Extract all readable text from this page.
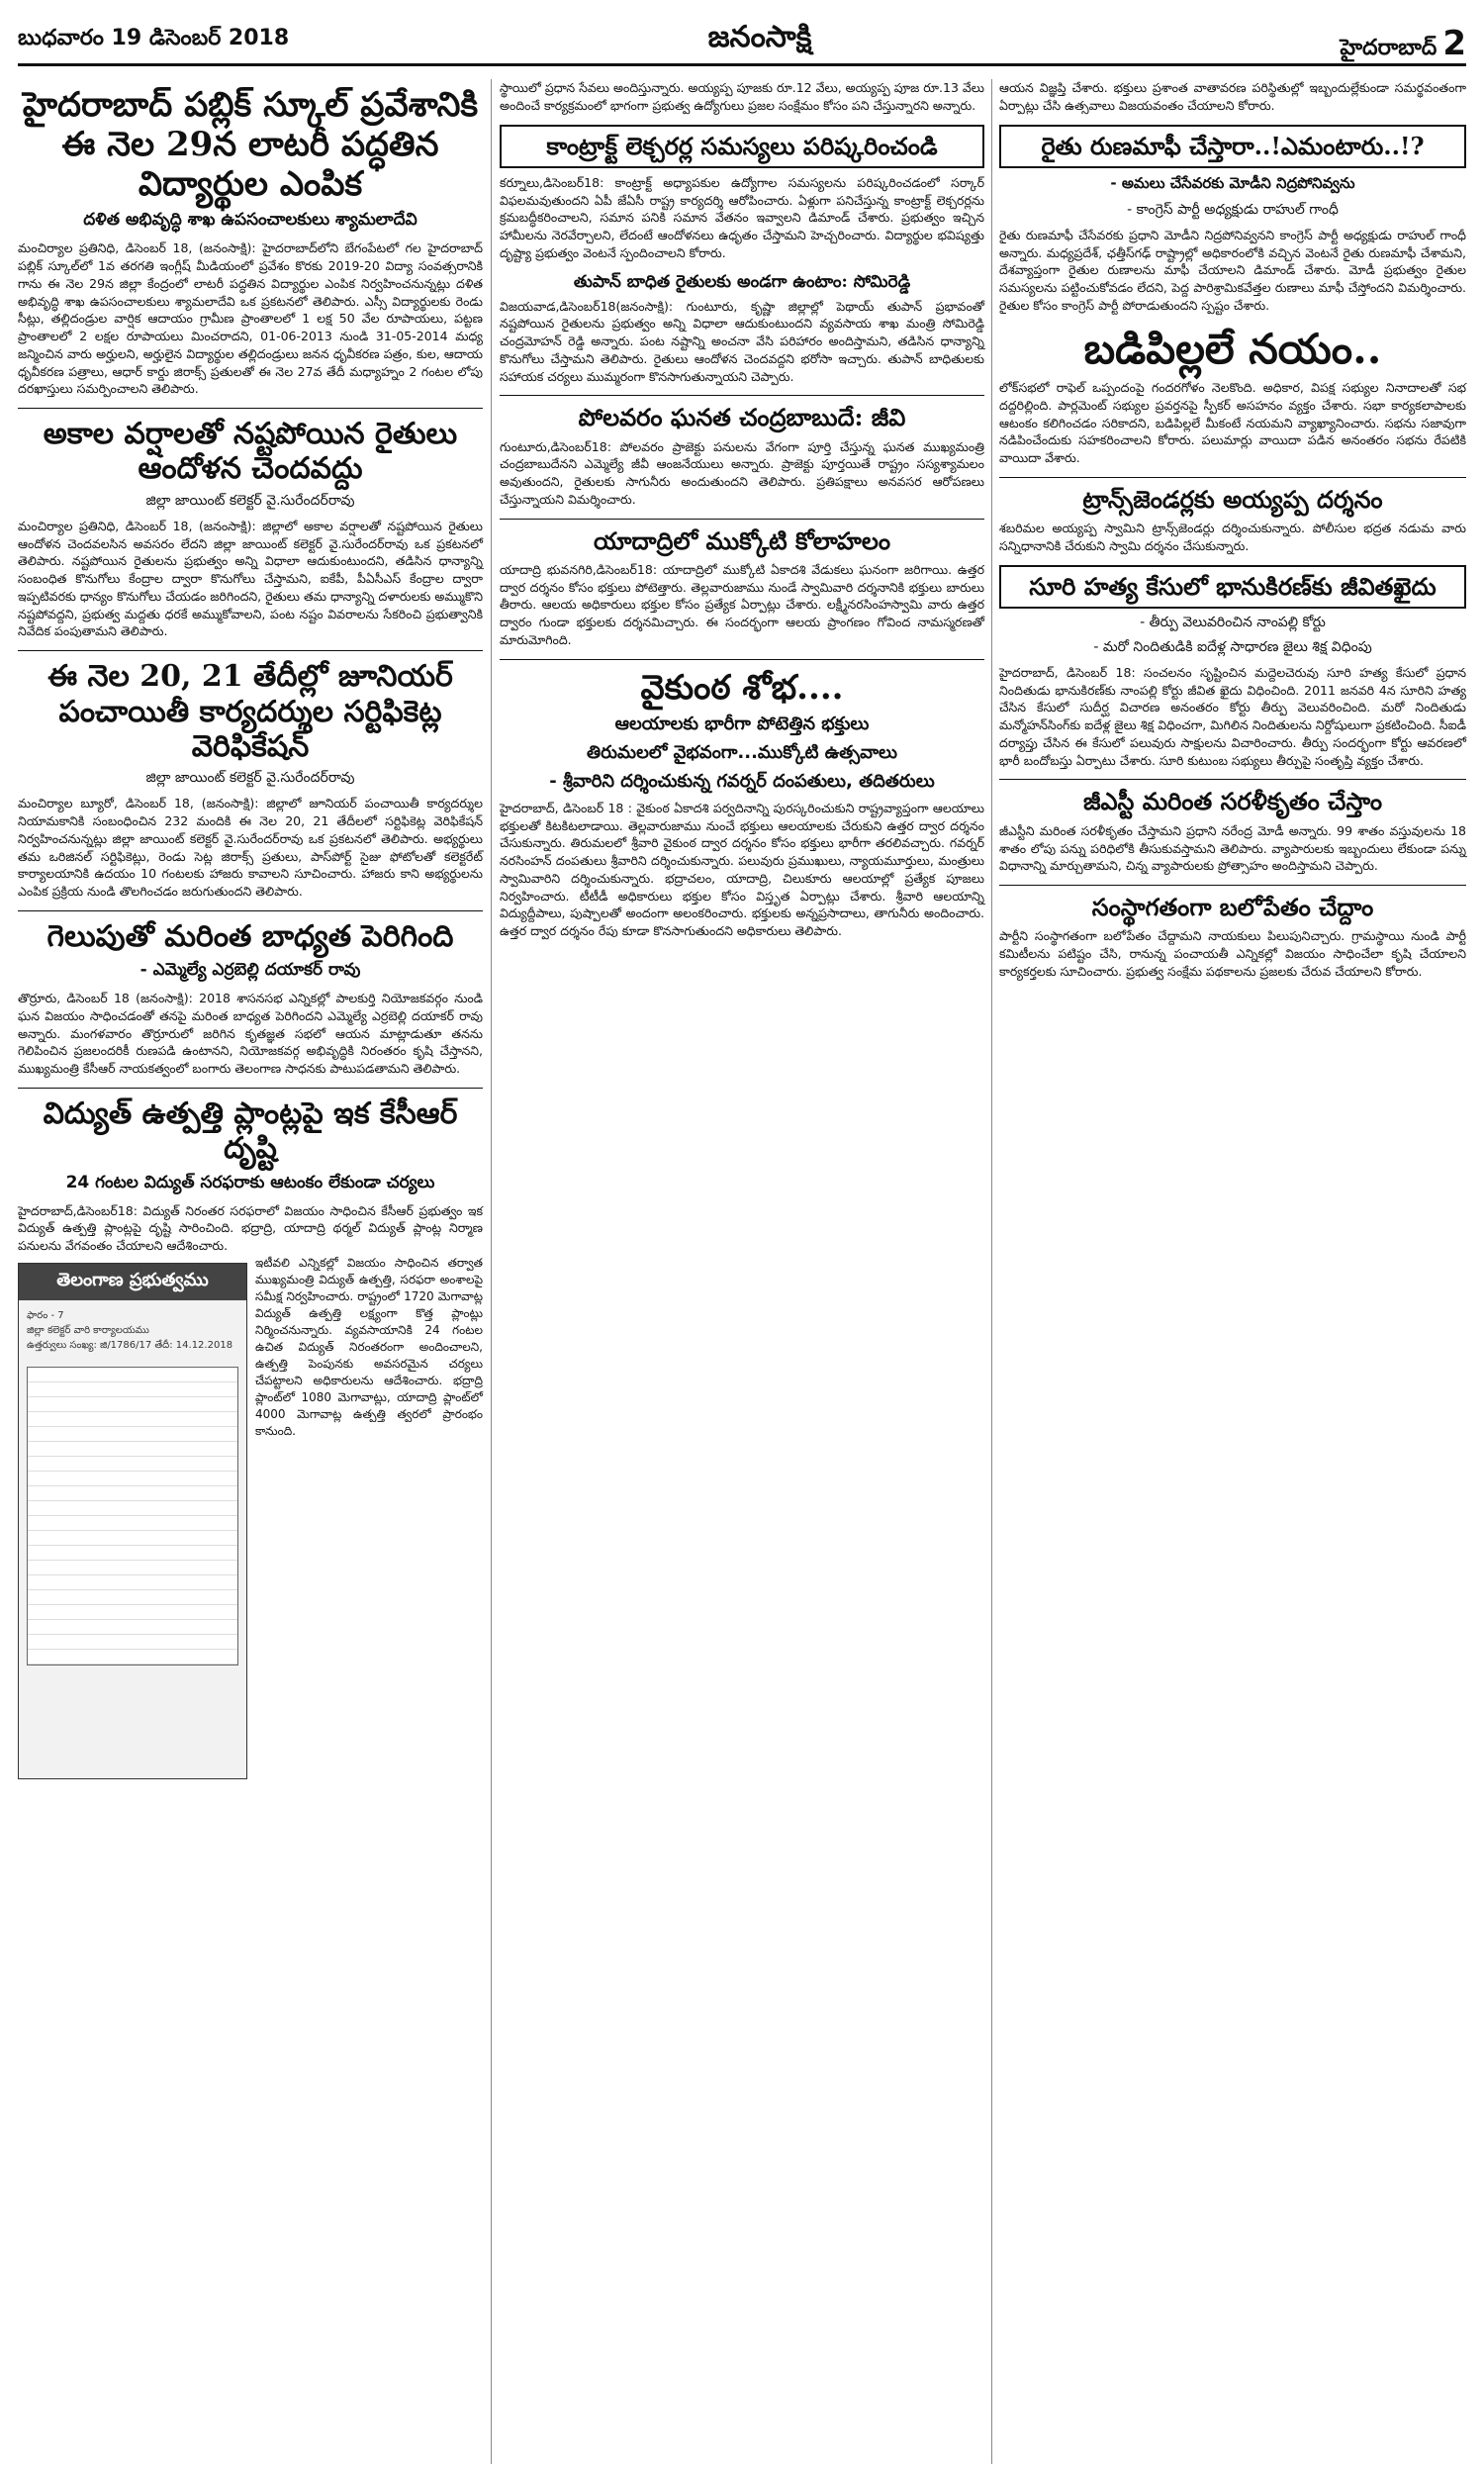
బుధవారం 19 డిసెంబర్ 2018	జనంసాక్షి	హైదరాబాద్ 2
హైదరాబాద్ పబ్లిక్ స్కూల్ ప్రవేశానికి ఈ నెల 29న లాటరీ పద్ధతిన విద్యార్థుల ఎంపిక
దళిత అభివృద్ధి శాఖ ఉపసంచాలకులు శ్యామలాదేవి

మంచిర్యాల ప్రతినిధి, డిసెంబర్ 18, (జనంసాక్షి): హైదరాబాద్‌లోని బేగంపేటలో గల హైదరాబాద్ పబ్లిక్ స్కూల్‌లో 1వ తరగతి ఇంగ్లీష్ మీడియంలో ప్రవేశం కొరకు 2019-20 విద్యా సంవత్సరానికి గాను ఈ నెల 29న జిల్లా కేంద్రంలో లాటరీ పద్ధతిన విద్యార్థుల ఎంపిక నిర్వహించనున్నట్లు దళిత అభివృద్ధి శాఖ ఉపసంచాలకులు శ్యామలాదేవి ఒక ప్రకటనలో తెలిపారు. ఎస్సీ విద్యార్థులకు రెండు సీట్లు, తల్లిదండ్రుల వార్షిక ఆదాయం గ్రామీణ ప్రాంతాలలో 1 లక్ష 50 వేల రూపాయలు, పట్టణ ప్రాంతాలలో 2 లక్షల రూపాయలు మించరాదని, 01-06-2013 నుండి 31-05-2014 మధ్య జన్మించిన వారు అర్హులని, అర్హులైన విద్యార్థుల తల్లిదండ్రులు జనన ధృవీకరణ పత్రం, కుల, ఆదాయ ధృవీకరణ పత్రాలు, ఆధార్ కార్డు జిరాక్స్ ప్రతులతో ఈ నెల 27వ తేదీ మధ్యాహ్నం 2 గంటల లోపు దరఖాస్తులు సమర్పించాలని తెలిపారు.

అకాల వర్షాలతో నష్టపోయిన రైతులు ఆందోళన చెందవద్దు
జిల్లా జాయింట్ కలెక్టర్ వై.సురేందర్‌రావు

మంచిర్యాల ప్రతినిధి, డిసెంబర్ 18, (జనంసాక్షి): జిల్లాలో అకాల వర్షాలతో నష్టపోయిన రైతులు ఆందోళన చెందవలసిన అవసరం లేదని జిల్లా జాయింట్ కలెక్టర్ వై.సురేందర్‌రావు ఒక ప్రకటనలో తెలిపారు. నష్టపోయిన రైతులను ప్రభుత్వం అన్ని విధాలా ఆదుకుంటుందని, తడిసిన ధాన్యాన్ని సంబంధిత కొనుగోలు కేంద్రాల ద్వారా కొనుగోలు చేస్తామని, ఐకేపీ, పీఏసీఎస్ కేంద్రాల ద్వారా ఇప్పటివరకు ధాన్యం కొనుగోలు చేయడం జరిగిందని, రైతులు తమ ధాన్యాన్ని దళారులకు అమ్ముకొని నష్టపోవద్దని, ప్రభుత్వ మద్దతు ధరకే అమ్ముకోవాలని, పంట నష్టం వివరాలను సేకరించి ప్రభుత్వానికి నివేదిక పంపుతామని తెలిపారు.

ఈ నెల 20, 21 తేదీల్లో జూనియర్ పంచాయితీ కార్యదర్శుల సర్టిఫికెట్ల వెరిఫికేషన్
జిల్లా జాయింట్ కలెక్టర్ వై.సురేందర్‌రావు

మంచిర్యాల బ్యూరో, డిసెంబర్ 18, (జనంసాక్షి): జిల్లాలో జూనియర్ పంచాయితీ కార్యదర్శుల నియామకానికి సంబంధించిన 232 మందికి ఈ నెల 20, 21 తేదీలలో సర్టిఫికెట్ల వెరిఫికేషన్ నిర్వహించనున్నట్లు జిల్లా జాయింట్ కలెక్టర్ వై.సురేందర్‌రావు ఒక ప్రకటనలో తెలిపారు. అభ్యర్థులు తమ ఒరిజినల్ సర్టిఫికెట్లు, రెండు సెట్ల జిరాక్స్ ప్రతులు, పాస్‌పోర్ట్ సైజు ఫోటోలతో కలెక్టరేట్ కార్యాలయానికి ఉదయం 10 గంటలకు హాజరు కావాలని సూచించారు. హాజరు కాని అభ్యర్థులను ఎంపిక ప్రక్రియ నుండి తొలగించడం జరుగుతుందని తెలిపారు.

గెలుపుతో మరింత బాధ్యత పెరిగింది
- ఎమ్మెల్యే ఎర్రబెల్లి దయాకర్ రావు

తొర్రూరు, డిసెంబర్ 18 (జనంసాక్షి): 2018 శాసనసభ ఎన్నికల్లో పాలకుర్తి నియోజకవర్గం నుండి ఘన విజయం సాధించడంతో తనపై మరింత బాధ్యత పెరిగిందని ఎమ్మెల్యే ఎర్రబెల్లి దయాకర్ రావు అన్నారు. మంగళవారం తొర్రూరులో జరిగిన కృతజ్ఞత సభలో ఆయన మాట్లాడుతూ తనను గెలిపించిన ప్రజలందరికీ రుణపడి ఉంటానని, నియోజకవర్గ అభివృద్ధికి నిరంతరం కృషి చేస్తానని, ముఖ్యమంత్రి కేసీఆర్ నాయకత్వంలో బంగారు తెలంగాణ సాధనకు పాటుపడతామని తెలిపారు.

విద్యుత్ ఉత్పత్తి ప్లాంట్లపై ఇక కేసీఆర్ దృష్టి
24 గంటల విద్యుత్ సరఫరాకు ఆటంకం లేకుండా చర్యలు

హైదరాబాద్,డిసెంబర్18: విద్యుత్ నిరంతర సరఫరాలో విజయం సాధించిన కేసీఆర్ ప్రభుత్వం ఇక విద్యుత్ ఉత్పత్తి ప్లాంట్లపై దృష్టి సారించింది. భద్రాద్రి, యాదాద్రి థర్మల్ విద్యుత్ ప్లాంట్ల నిర్మాణ పనులను వేగవంతం చేయాలని ఆదేశించారు.

తెలంగాణ ప్రభుత్వము
ఫారం - 7
జిల్లా కలెక్టర్ వారి కార్యాలయము
ఉత్తర్వులు సంఖ్య: జి/1786/17 తేదీ: 14.12.2018

ఇటీవలి ఎన్నికల్లో విజయం సాధించిన తర్వాత ముఖ్యమంత్రి విద్యుత్ ఉత్పత్తి, సరఫరా అంశాలపై సమీక్ష నిర్వహించారు. రాష్ట్రంలో 1720 మెగావాట్ల విద్యుత్ ఉత్పత్తి లక్ష్యంగా కొత్త ప్లాంట్లు నిర్మించనున్నారు. వ్యవసాయానికి 24 గంటల ఉచిత విద్యుత్ నిరంతరంగా అందించాలని, ఉత్పత్తి పెంపునకు అవసరమైన చర్యలు చేపట్టాలని అధికారులను ఆదేశించారు. భద్రాద్రి ప్లాంట్‌లో 1080 మెగావాట్లు, యాదాద్రి ప్లాంట్‌లో 4000 మెగావాట్ల ఉత్పత్తి త్వరలో ప్రారంభం కానుంది.

స్థాయిలో ప్రధాన సేవలు అందిస్తున్నారు. అయ్యప్ప పూజకు రూ.12 వేలు, అయ్యప్ప పూజ రూ.13 వేలు అందించే కార్యక్రమంలో భాగంగా ప్రభుత్వ ఉద్యోగులు ప్రజల సంక్షేమం కోసం పని చేస్తున్నారని అన్నారు.

కాంట్రాక్ట్ లెక్చరర్ల సమస్యలు పరిష్కరించండి

కర్నూలు,డిసెంబర్18: కాంట్రాక్ట్ అధ్యాపకుల ఉద్యోగాల సమస్యలను పరిష్కరించడంలో సర్కార్ విఫలమవుతుందని ఏపీ జేఏసీ రాష్ట్ర కార్యదర్శి ఆరోపించారు. ఏళ్లుగా పనిచేస్తున్న కాంట్రాక్ట్ లెక్చరర్లను క్రమబద్ధీకరించాలని, సమాన పనికి సమాన వేతనం ఇవ్వాలని డిమాండ్ చేశారు. ప్రభుత్వం ఇచ్చిన హామీలను నెరవేర్చాలని, లేదంటే ఆందోళనలు ఉధృతం చేస్తామని హెచ్చరించారు. విద్యార్థుల భవిష్యత్తు దృష్ట్యా ప్రభుత్వం వెంటనే స్పందించాలని కోరారు.

తుపాన్ బాధిత రైతులకు అండగా ఉంటాం: సోమిరెడ్డి

విజయవాడ,డిసెంబర్18(జనంసాక్షి): గుంటూరు, కృష్ణా జిల్లాల్లో పెథాయ్ తుపాన్ ప్రభావంతో నష్టపోయిన రైతులను ప్రభుత్వం అన్ని విధాలా ఆదుకుంటుందని వ్యవసాయ శాఖ మంత్రి సోమిరెడ్డి చంద్రమోహన్ రెడ్డి అన్నారు. పంట నష్టాన్ని అంచనా వేసి పరిహారం అందిస్తామని, తడిసిన ధాన్యాన్ని కొనుగోలు చేస్తామని తెలిపారు. రైతులు ఆందోళన చెందవద్దని భరోసా ఇచ్చారు. తుపాన్ బాధితులకు సహాయక చర్యలు ముమ్మరంగా కొనసాగుతున్నాయని చెప్పారు.

పోలవరం ఘనత చంద్రబాబుదే: జీవి

గుంటూరు,డిసెంబర్18: పోలవరం ప్రాజెక్టు పనులను వేగంగా పూర్తి చేస్తున్న ఘనత ముఖ్యమంత్రి చంద్రబాబుదేనని ఎమ్మెల్యే జీవీ ఆంజనేయులు అన్నారు. ప్రాజెక్టు పూర్తయితే రాష్ట్రం సస్యశ్యామలం అవుతుందని, రైతులకు సాగునీరు అందుతుందని తెలిపారు. ప్రతిపక్షాలు అనవసర ఆరోపణలు చేస్తున్నాయని విమర్శించారు.

యాదాద్రిలో ముక్కోటి కోలాహలం

యాదాద్రి భువనగిరి,డిసెంబర్18: యాదాద్రిలో ముక్కోటి ఏకాదశి వేడుకలు ఘనంగా జరిగాయి. ఉత్తర ద్వార దర్శనం కోసం భక్తులు పోటెత్తారు. తెల్లవారుజాము నుండే స్వామివారి దర్శనానికి భక్తులు బారులు తీరారు. ఆలయ అధికారులు భక్తుల కోసం ప్రత్యేక ఏర్పాట్లు చేశారు. లక్ష్మీనరసింహస్వామి వారు ఉత్తర ద్వారం గుండా భక్తులకు దర్శనమిచ్చారు. ఈ సందర్భంగా ఆలయ ప్రాంగణం గోవింద నామస్మరణతో మారుమోగింది.

వైకుంఠ శోభ....
ఆలయాలకు భారీగా పోటెత్తిన భక్తులు
తిరుమలలో వైభవంగా...ముక్కోటి ఉత్సవాలు
- శ్రీవారిని దర్శించుకున్న గవర్నర్ దంపతులు, తదితరులు

హైదరాబాద్, డిసెంబర్ 18 : వైకుంఠ ఏకాదశి పర్వదినాన్ని పురస్కరించుకుని రాష్ట్రవ్యాప్తంగా ఆలయాలు భక్తులతో కిటకిటలాడాయి. తెల్లవారుజాము నుంచే భక్తులు ఆలయాలకు చేరుకుని ఉత్తర ద్వార దర్శనం చేసుకున్నారు. తిరుమలలో శ్రీవారి వైకుంఠ ద్వార దర్శనం కోసం భక్తులు భారీగా తరలివచ్చారు. గవర్నర్ నరసింహన్ దంపతులు శ్రీవారిని దర్శించుకున్నారు. పలువురు ప్రముఖులు, న్యాయమూర్తులు, మంత్రులు స్వామివారిని దర్శించుకున్నారు. భద్రాచలం, యాదాద్రి, చిలుకూరు ఆలయాల్లో ప్రత్యేక పూజలు నిర్వహించారు. టీటీడీ అధికారులు భక్తుల కోసం విస్తృత ఏర్పాట్లు చేశారు. శ్రీవారి ఆలయాన్ని విద్యుద్దీపాలు, పుష్పాలతో అందంగా అలంకరించారు. భక్తులకు అన్నప్రసాదాలు, తాగునీరు అందించారు. ఉత్తర ద్వార దర్శనం రేపు కూడా కొనసాగుతుందని అధికారులు తెలిపారు.

ఆయన విజ్ఞప్తి చేశారు. భక్తులు ప్రశాంత వాతావరణ పరిస్థితుల్లో ఇబ్బందుల్లేకుండా సమర్థవంతంగా ఏర్పాట్లు చేసి ఉత్సవాలు విజయవంతం చేయాలని కోరారు.

రైతు రుణమాఫీ చేస్తారా..!ఎమంటారు..!?
- అమలు చేసేవరకు మోడీని నిద్రపోనివ్వను
- కాంగ్రెస్ పార్టీ అధ్యక్షుడు రాహుల్ గాంధీ

రైతు రుణమాఫీ చేసేవరకు ప్రధాని మోడీని నిద్రపోనివ్వనని కాంగ్రెస్ పార్టీ అధ్యక్షుడు రాహుల్ గాంధీ అన్నారు. మధ్యప్రదేశ్, ఛత్తీస్‌గఢ్ రాష్ట్రాల్లో అధికారంలోకి వచ్చిన వెంటనే రైతు రుణమాఫీ చేశామని, దేశవ్యాప్తంగా రైతుల రుణాలను మాఫీ చేయాలని డిమాండ్ చేశారు. మోడీ ప్రభుత్వం రైతుల సమస్యలను పట్టించుకోవడం లేదని, పెద్ద పారిశ్రామికవేత్తల రుణాలు మాఫీ చేస్తోందని విమర్శించారు. రైతుల కోసం కాంగ్రెస్ పార్టీ పోరాడుతుందని స్పష్టం చేశారు.

బడిపిల్లలే నయం..

లోక్‌సభలో రాఫెల్ ఒప్పందంపై గందరగోళం నెలకొంది. అధికార, విపక్ష సభ్యుల నినాదాలతో సభ దద్దరిల్లింది. పార్లమెంట్ సభ్యుల ప్రవర్తనపై స్పీకర్ అసహనం వ్యక్తం చేశారు. సభా కార్యకలాపాలకు ఆటంకం కలిగించడం సరికాదని, బడిపిల్లలే మీకంటే నయమని వ్యాఖ్యానించారు. సభను సజావుగా నడిపించేందుకు సహకరించాలని కోరారు. పలుమార్లు వాయిదా పడిన అనంతరం సభను రేపటికి వాయిదా వేశారు.

ట్రాన్స్‌జెండర్లకు అయ్యప్ప దర్శనం

శబరిమల అయ్యప్ప స్వామిని ట్రాన్స్‌జెండర్లు దర్శించుకున్నారు. పోలీసుల భద్రత నడుమ వారు సన్నిధానానికి చేరుకుని స్వామి దర్శనం చేసుకున్నారు.

సూరి హత్య కేసులో భానుకిరణ్‌కు జీవితఖైదు
- తీర్పు వెలువరించిన నాంపల్లి కోర్టు
- మరో నిందితుడికి ఐదేళ్ల సాధారణ జైలు శిక్ష విధింపు

హైదరాబాద్, డిసెంబర్ 18: సంచలనం సృష్టించిన మద్దెలచెరువు సూరి హత్య కేసులో ప్రధాన నిందితుడు భానుకిరణ్‌కు నాంపల్లి కోర్టు జీవిత ఖైదు విధించింది. 2011 జనవరి 4న సూరిని హత్య చేసిన కేసులో సుదీర్ఘ విచారణ అనంతరం కోర్టు తీర్పు వెలువరించింది. మరో నిందితుడు మన్మోహన్‌సింగ్‌కు ఐదేళ్ల జైలు శిక్ష విధించగా, మిగిలిన నిందితులను నిర్దోషులుగా ప్రకటించింది. సీఐడీ దర్యాప్తు చేసిన ఈ కేసులో పలువురు సాక్షులను విచారించారు. తీర్పు సందర్భంగా కోర్టు ఆవరణలో భారీ బందోబస్తు ఏర్పాటు చేశారు. సూరి కుటుంబ సభ్యులు తీర్పుపై సంతృప్తి వ్యక్తం చేశారు.

జీఎస్టీ మరింత సరళీకృతం చేస్తాం

జీఎస్టీని మరింత సరళీకృతం చేస్తామని ప్రధాని నరేంద్ర మోడీ అన్నారు. 99 శాతం వస్తువులను 18 శాతం లోపు పన్ను పరిధిలోకి తీసుకువస్తామని తెలిపారు. వ్యాపారులకు ఇబ్బందులు లేకుండా పన్ను విధానాన్ని మార్చుతామని, చిన్న వ్యాపారులకు ప్రోత్సాహం అందిస్తామని చెప్పారు.

సంస్థాగతంగా బలోపేతం చేద్దాం

పార్టీని సంస్థాగతంగా బలోపేతం చేద్దామని నాయకులు పిలుపునిచ్చారు. గ్రామస్థాయి నుండి పార్టీ కమిటీలను పటిష్టం చేసి, రానున్న పంచాయతీ ఎన్నికల్లో విజయం సాధించేలా కృషి చేయాలని కార్యకర్తలకు సూచించారు. ప్రభుత్వ సంక్షేమ పథకాలను ప్రజలకు చేరువ చేయాలని కోరారు.
